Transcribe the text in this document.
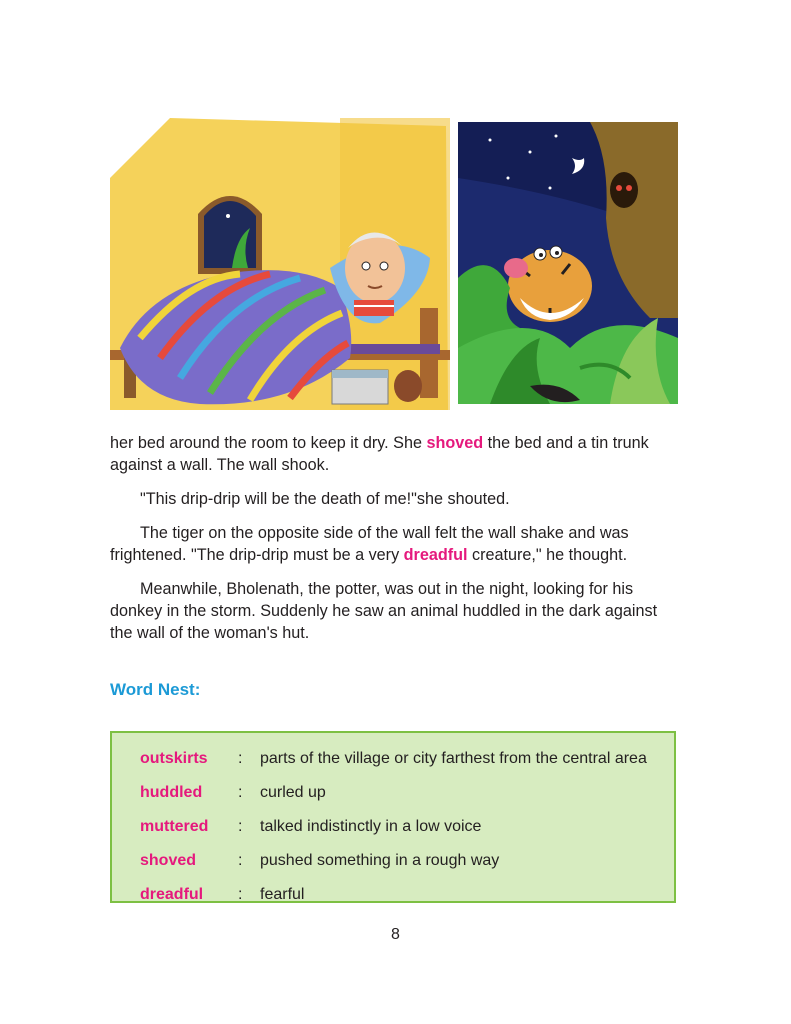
her bed around the room to keep it dry. She shoved the bed and a tin trunk against a wall. The wall shook.

"This drip-drip will be the death of me!"she shouted.

The tiger on the opposite side of the wall felt the wall shake and was frightened. "The drip-drip must be a very dreadful creature," he thought.

Meanwhile, Bholenath, the potter, was out in the night, looking for his donkey in the storm. Suddenly he saw an animal huddled in the dark against the wall of the woman's hut.

Word Nest:
outskirts	:	parts of the village or city farthest from the central area
huddled	:	curled up
muttered	:	talked indistinctly in a low voice
shoved	:	pushed something in a rough way
dreadful	:	fearful
8
